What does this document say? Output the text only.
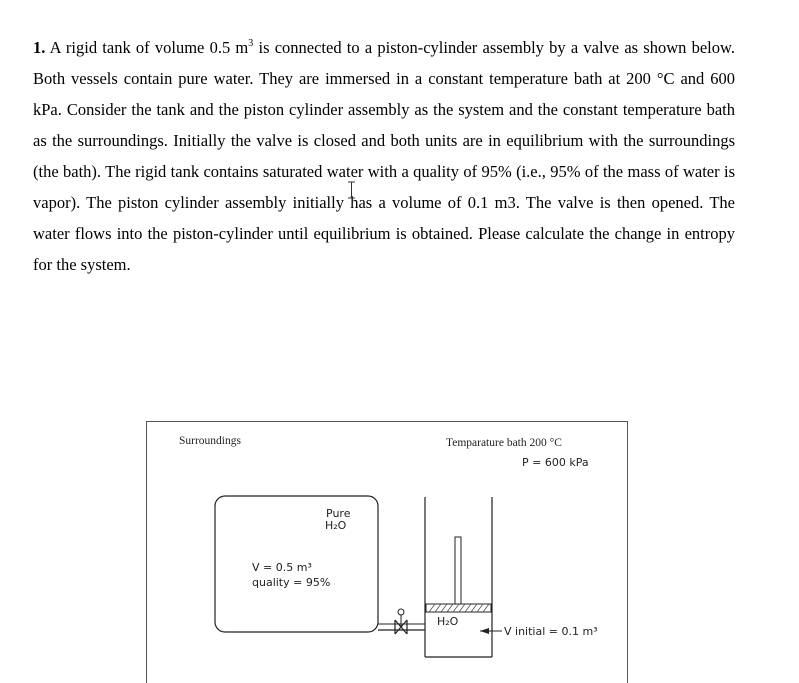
1. A rigid tank of volume 0.5 $m^3$ is connected to a piston-cylinder assembly by a valve as shown below. Both vessels contain pure water. They are immersed in a constant temperature bath at 200 °C and 600 kPa. Consider the tank and the piston cylinder assembly as the system and the constant temperature bath as the surroundings. Initially the valve is closed and both units are in equilibrium with the surroundings (the bath). The rigid tank contains saturated water with a quality of 95% (i.e., 95% of the mass of water is vapor). The piston cylinder assembly initially has a volume of 0.1 m3. The valve is then opened. The water flows into the piston-cylinder until equilibrium is obtained. Please calculate the change in entropy for the system.

Surroundings	Temparature bath 200 °C
P = 600 kPa
Pure
H₂O
V = 0.5 m³
quality = 95%
H₂O
V initial = 0.1 m³
